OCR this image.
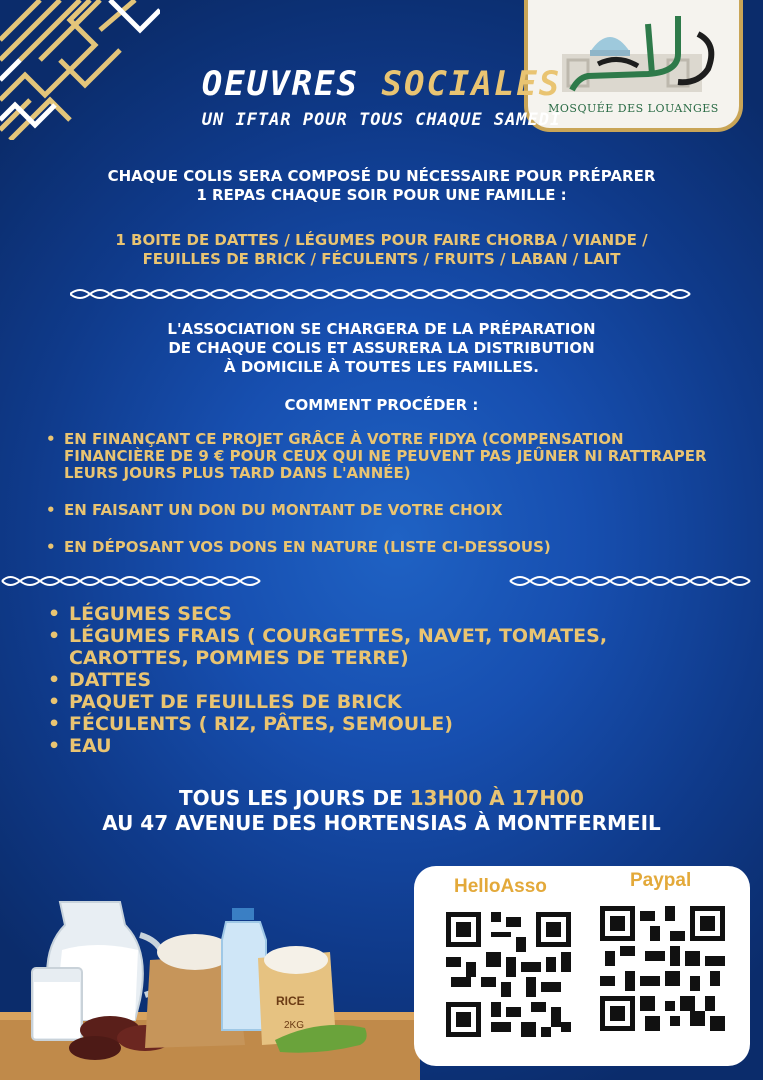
MOSQUÉE DES LOUANGES
OEUVRES SOCIALES
UN IFTAR POUR TOUS CHAQUE SAMEDI
CHAQUE COLIS SERA COMPOSÉ DU NÉCESSAIRE POUR PRÉPARER
1 REPAS CHAQUE SOIR POUR UNE FAMILLE :
1 BOITE DE DATTES / LÉGUMES POUR FAIRE CHORBA / VIANDE /
FEUILLES DE BRICK / FÉCULENTS / FRUITS / LABAN / LAIT
L'ASSOCIATION SE CHARGERA DE LA PRÉPARATION
DE CHAQUE COLIS ET ASSURERA LA DISTRIBUTION
À DOMICILE À TOUTES LES FAMILLES.
COMMENT PROCÉDER :
• EN FINANÇANT CE PROJET GRÂCE À VOTRE FIDYA (COMPENSATION FINANCIÈRE DE 9 € POUR CEUX QUI NE PEUVENT PAS JEÛNER NI RATTRAPER LEURS JOURS PLUS TARD DANS L'ANNÉE)
• EN FAISANT UN DON DU MONTANT DE VOTRE CHOIX
• EN DÉPOSANT VOS DONS EN NATURE (LISTE CI-DESSOUS)
• LÉGUMES SECS
• LÉGUMES FRAIS ( COURGETTES, NAVET, TOMATES, CAROTTES, POMMES DE TERRE)
• DATTES
• PAQUET DE FEUILLES DE BRICK
• FÉCULENTS ( RIZ, PÂTES, SEMOULE)
• EAU
TOUS LES JOURS DE 13H00 À 17H00
AU 47 AVENUE DES HORTENSIAS À MONTFERMEIL
RICE
2KG
HelloAsso	Paypal
